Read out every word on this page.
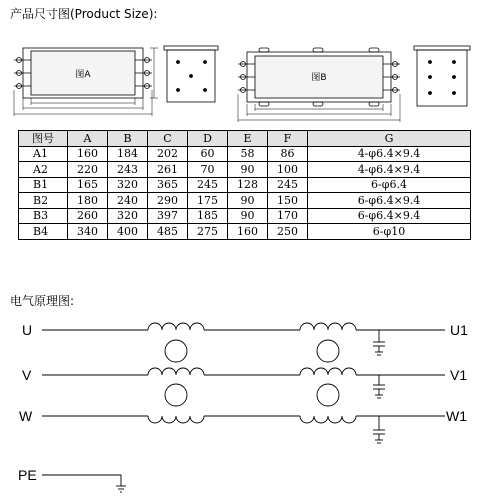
产品尺寸图(Product Size):
图A	图B
图号	A	B	C	D	E	F	G
A1	160	184	202	60	58	86	4-φ6.4×9.4
A2	220	243	261	70	90	100	4-φ6.4×9.4
B1	165	320	365	245	128	245	6-φ6.4
B2	180	240	290	175	90	150	6-φ6.4×9.4
B3	260	320	397	185	90	170	6-φ6.4×9.4
B4	340	400	485	275	160	250	6-φ10
电气原理图:
U
V
W
U1
V1
W1
PE
